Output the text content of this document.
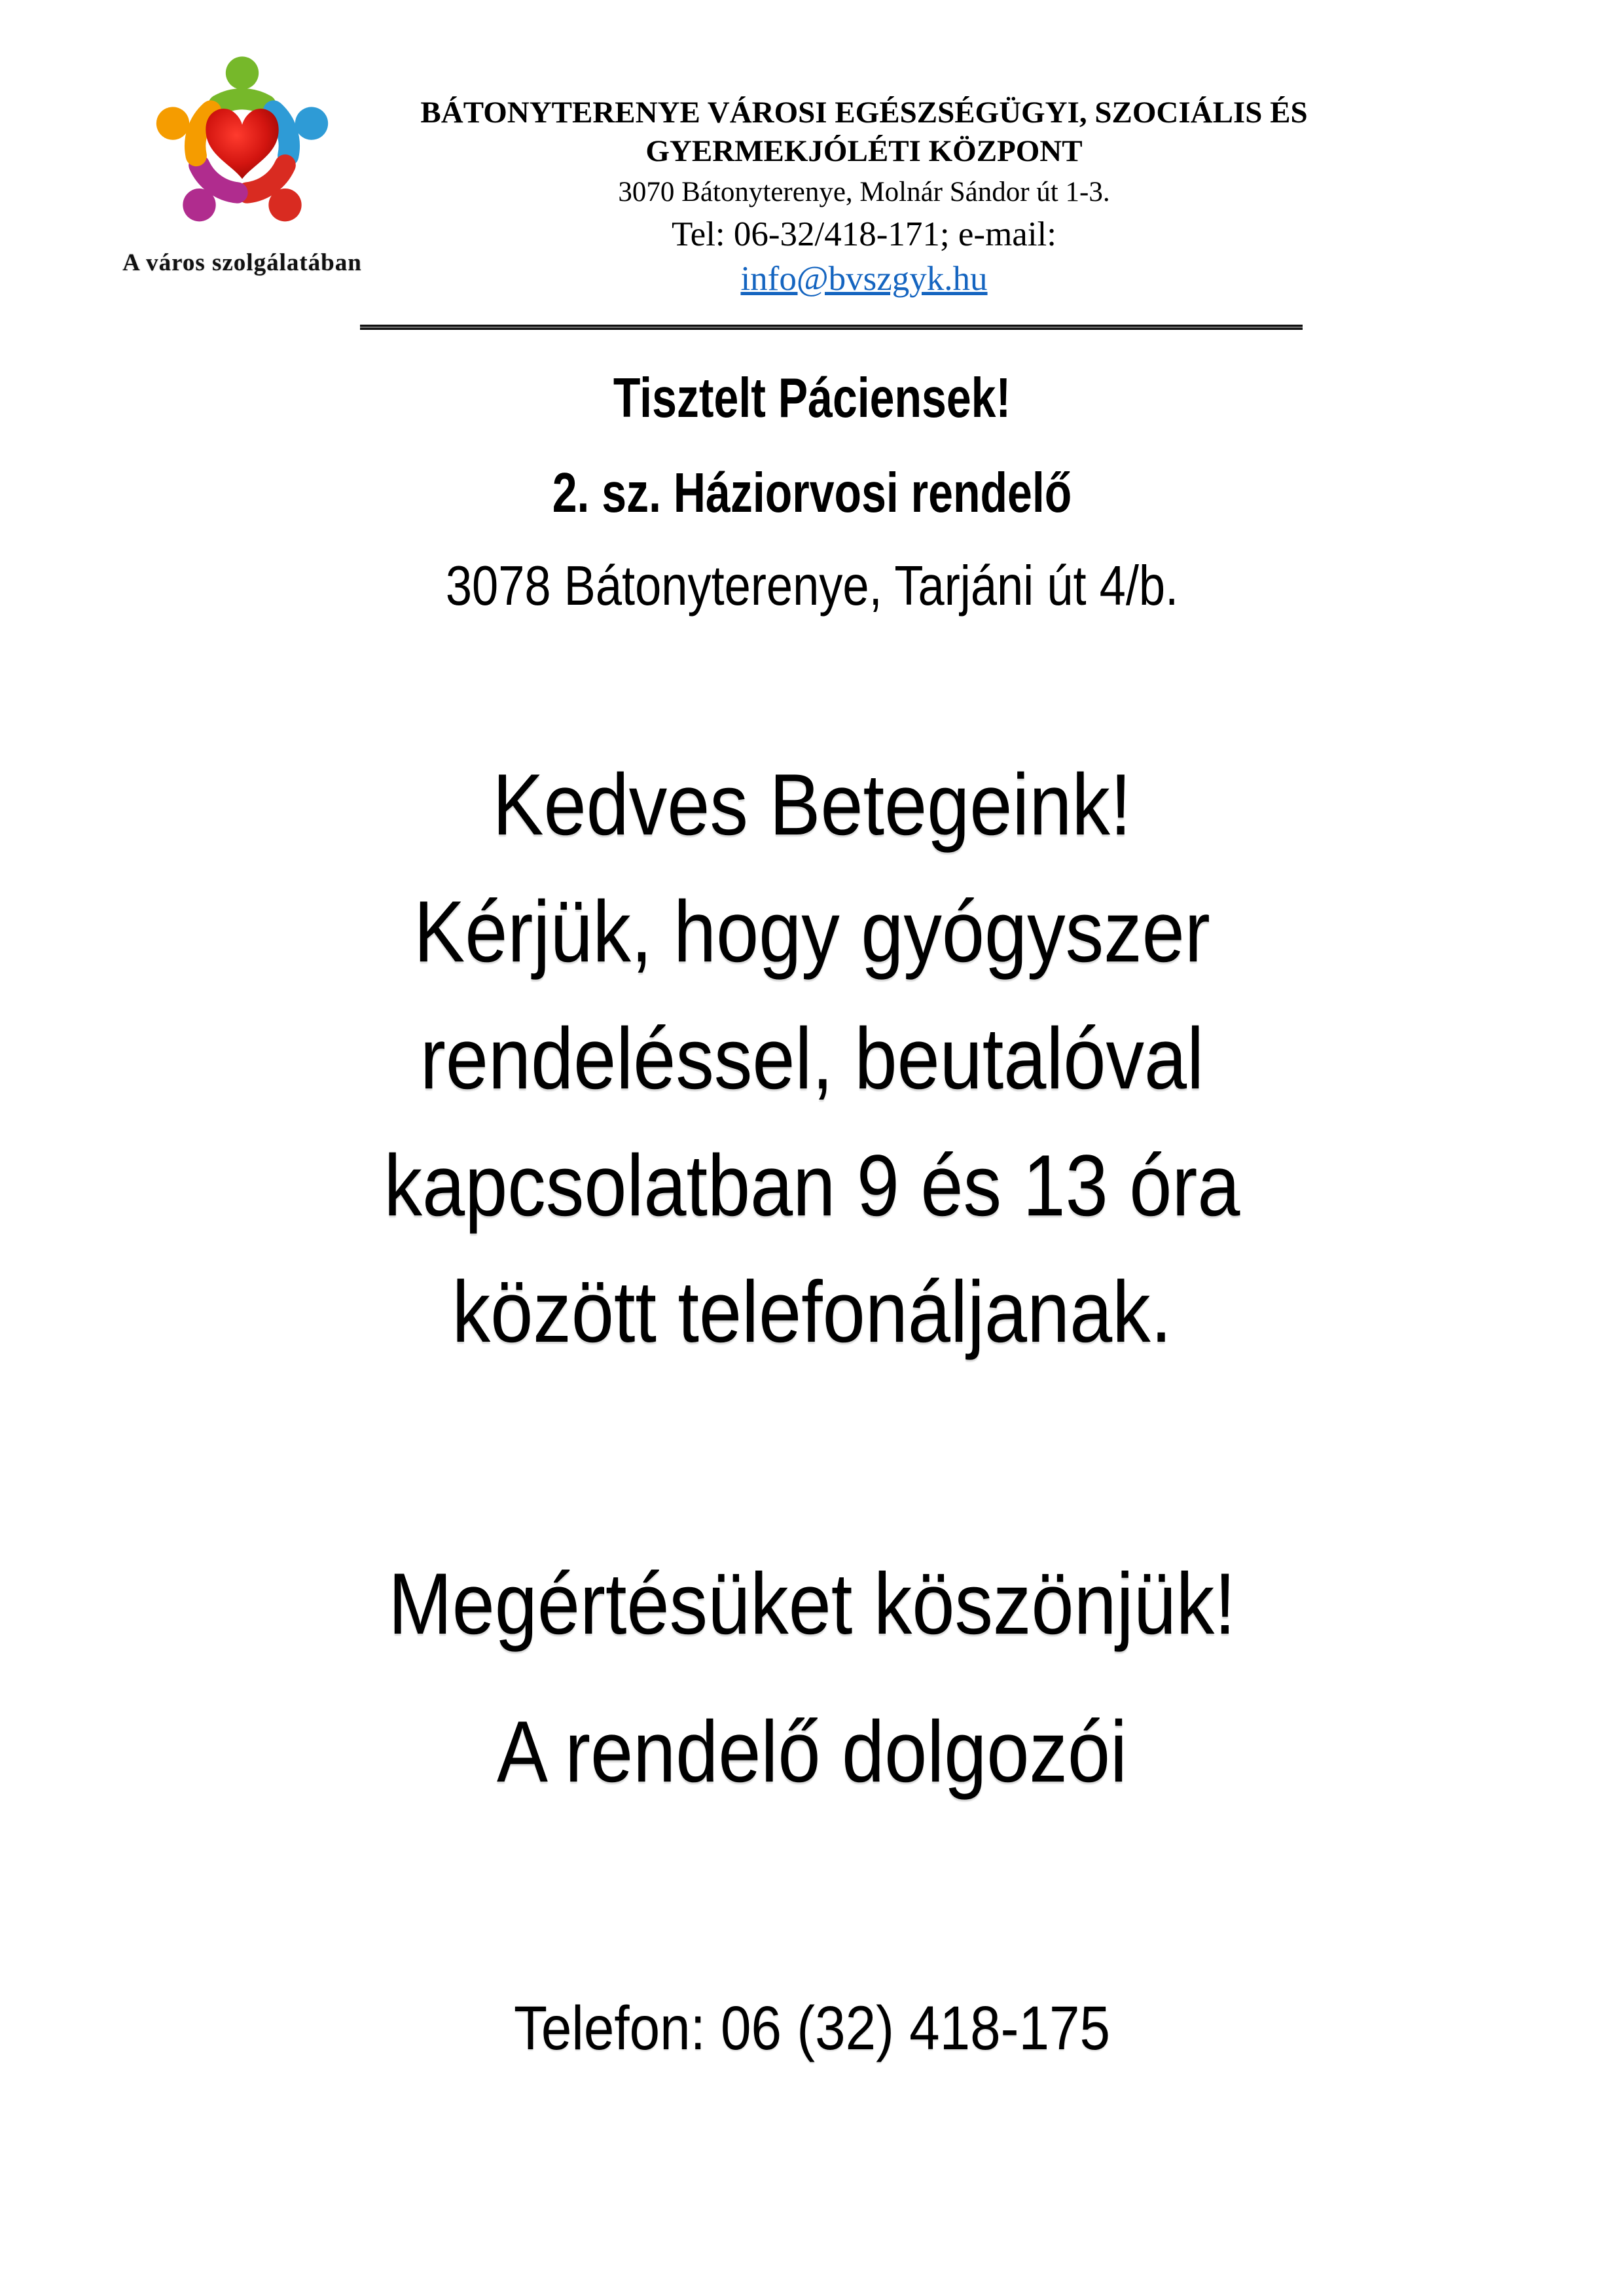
A város szolgálatában
BÁTONYTERENYE VÁROSI EGÉSZSÉGÜGYI, SZOCIÁLIS ÉS
GYERMEKJÓLÉTI KÖZPONT
3070 Bátonyterenye, Molnár Sándor út 1-3.
Tel: 06-32/418-171; e-mail:
info@bvszgyk.hu
Tisztelt Páciensek!
2. sz. Háziorvosi rendelő
3078 Bátonyterenye, Tarjáni út 4/b.
Kedves Betegeink!
Kérjük, hogy gyógyszer
rendeléssel, beutalóval
kapcsolatban 9 és 13 óra
között telefonáljanak.
Megértésüket köszönjük!
A rendelő dolgozói
Telefon: 06 (32) 418-175
